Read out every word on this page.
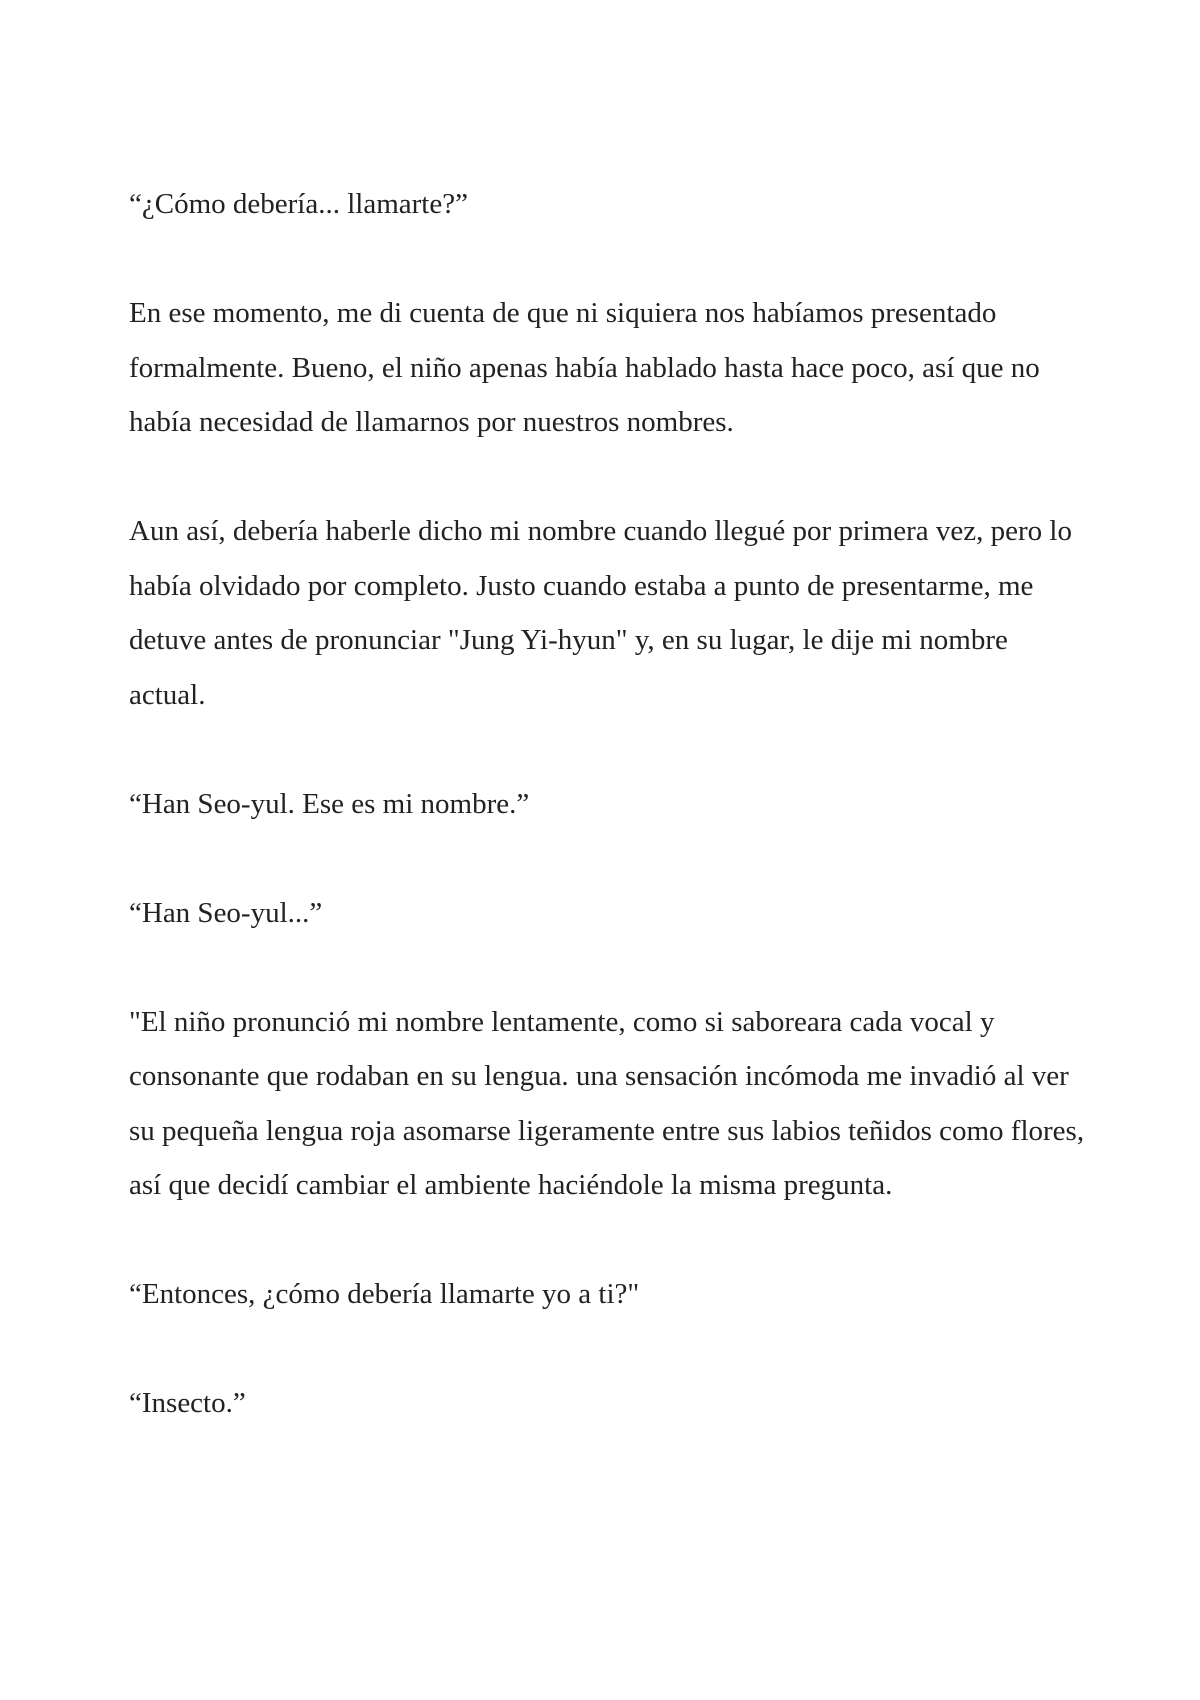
“¿Cómo debería... llamarte?”

En ese momento, me di cuenta de que ni siquiera nos habíamos presentado formalmente. Bueno, el niño apenas había hablado hasta hace poco, así que no había necesidad de llamarnos por nuestros nombres.

Aun así, debería haberle dicho mi nombre cuando llegué por primera vez, pero lo había olvidado por completo. Justo cuando estaba a punto de presentarme, me detuve antes de pronunciar "Jung Yi-hyun" y, en su lugar, le dije mi nombre actual.

“Han Seo-yul. Ese es mi nombre.”

“Han Seo-yul...”

"El niño pronunció mi nombre lentamente, como si saboreara cada vocal y consonante que rodaban en su lengua. una sensación incómoda me invadió al ver su pequeña lengua roja asomarse ligeramente entre sus labios teñidos como flores, así que decidí cambiar el ambiente haciéndole la misma pregunta.

“Entonces, ¿cómo debería llamarte yo a ti?"

“Insecto.”
